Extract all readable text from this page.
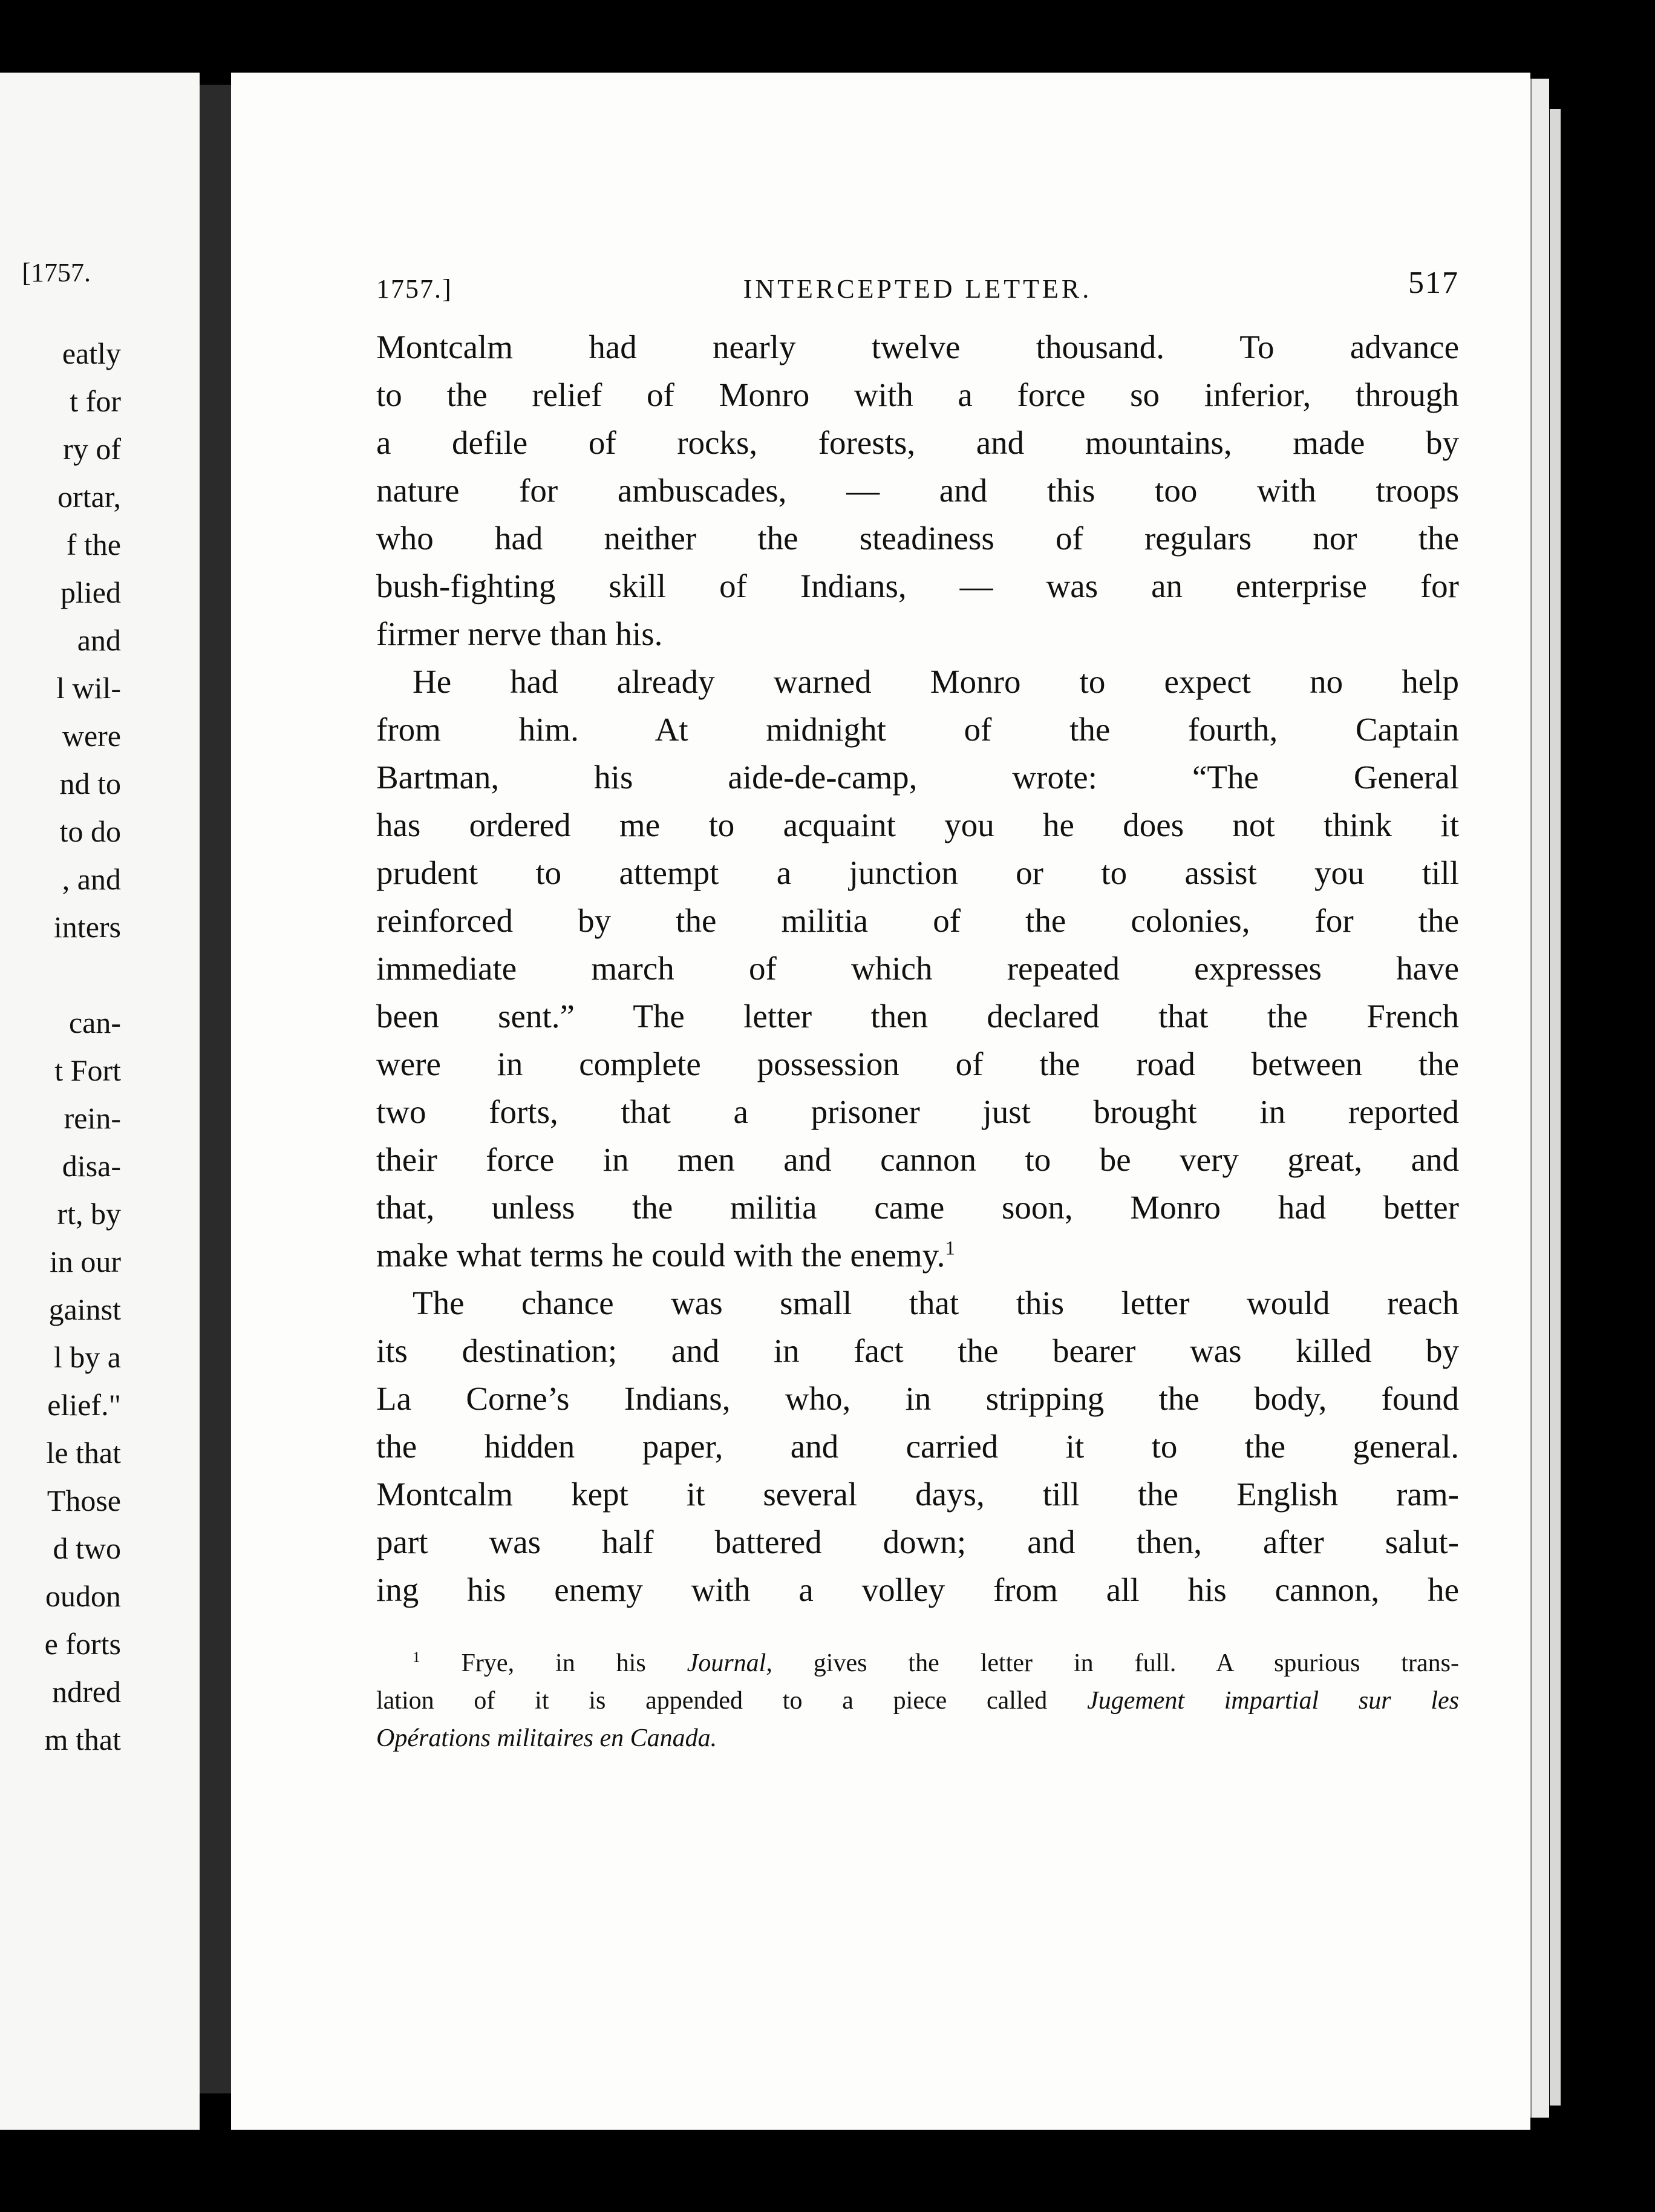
[1757.
eatly
t for
ry of
ortar,
f the
plied
and
l wil-
were
nd to
to do
, and
inters
can-
t Fort
rein-
disa-
rt, by
in our
gainst
l by a
elief."
le that
Those
d two
oudon
e forts
ndred
m that
1757.]	INTERCEPTED LETTER.	517
Montcalm had nearly twelve thousand. To advance
to the relief of Monro with a force so inferior, through
a defile of rocks, forests, and mountains, made by
nature for ambuscades, — and this too with troops
who had neither the steadiness of regulars nor the
bush-fighting skill of Indians, — was an enterprise for
firmer nerve than his.
He had already warned Monro to expect no help
from him. At midnight of the fourth, Captain
Bartman, his aide-de-camp, wrote: “The General
has ordered me to acquaint you he does not think it
prudent to attempt a junction or to assist you till
reinforced by the militia of the colonies, for the
immediate march of which repeated expresses have
been sent.” The letter then declared that the French
were in complete possession of the road between the
two forts, that a prisoner just brought in reported
their force in men and cannon to be very great, and
that, unless the militia came soon, Monro had better
make what terms he could with the enemy.$^1$
The chance was small that this letter would reach
its destination; and in fact the bearer was killed by
La Corne’s Indians, who, in stripping the body, found
the hidden paper, and carried it to the general.
Montcalm kept it several days, till the English ram-
part was half battered down; and then, after salut-
ing his enemy with a volley from all his cannon, he
$^1$ Frye, in his Journal, gives the letter in full. A spurious trans-
lation of it is appended to a piece called Jugement impartial sur les
Opérations militaires en Canada.
